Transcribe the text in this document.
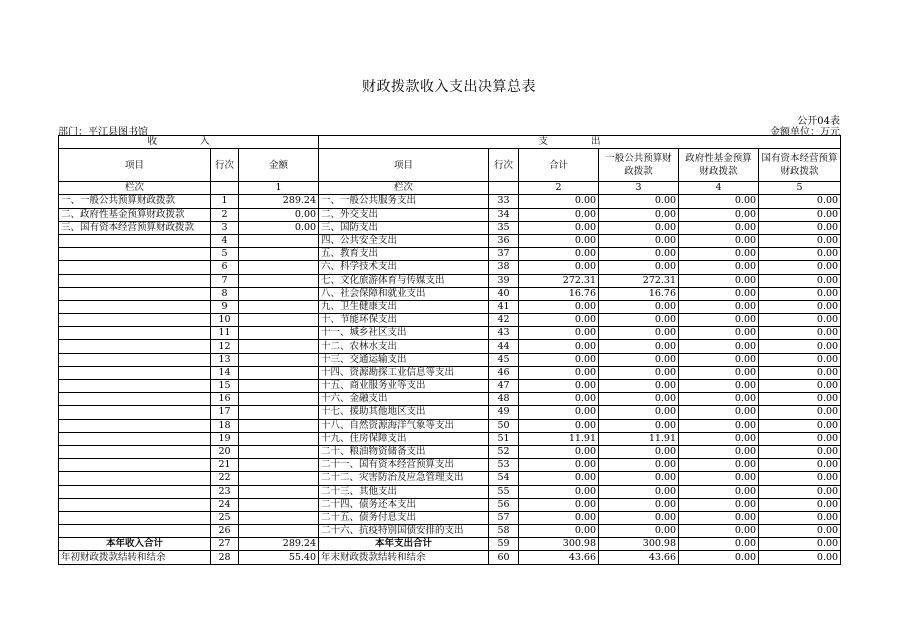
财政拨款收入支出决算总表
公开04表
部门：平江县图书馆	金额单位：万元
收 入			支 出					
项目	行次	金额	项目	行次	合计	一般公共预算财政拨款	政府性基金预算财政拨款	国有资本经营预算财政拨款
栏次		1	栏次		2	3	4	5
一、一般公共预算财政拨款	1	289.24	一、一般公共服务支出	33	0.00	0.00	0.00	0.00
二、政府性基金预算财政拨款	2	0.00	二、外交支出	34	0.00	0.00	0.00	0.00
三、国有资本经营预算财政拨款	3	0.00	三、国防支出	35	0.00	0.00	0.00	0.00
	4		四、公共安全支出	36	0.00	0.00	0.00	0.00
	5		五、教育支出	37	0.00	0.00	0.00	0.00
	6		六、科学技术支出	38	0.00	0.00	0.00	0.00
	7		七、文化旅游体育与传媒支出	39	272.31	272.31	0.00	0.00
	8		八、社会保障和就业支出	40	16.76	16.76	0.00	0.00
	9		九、卫生健康支出	41	0.00	0.00	0.00	0.00
	10		十、节能环保支出	42	0.00	0.00	0.00	0.00
	11		十一、城乡社区支出	43	0.00	0.00	0.00	0.00
	12		十二、农林水支出	44	0.00	0.00	0.00	0.00
	13		十三、交通运输支出	45	0.00	0.00	0.00	0.00
	14		十四、资源勘探工业信息等支出	46	0.00	0.00	0.00	0.00
	15		十五、商业服务业等支出	47	0.00	0.00	0.00	0.00
	16		十六、金融支出	48	0.00	0.00	0.00	0.00
	17		十七、援助其他地区支出	49	0.00	0.00	0.00	0.00
	18		十八、自然资源海洋气象等支出	50	0.00	0.00	0.00	0.00
	19		十九、住房保障支出	51	11.91	11.91	0.00	0.00
	20		二十、粮油物资储备支出	52	0.00	0.00	0.00	0.00
	21		二十一、国有资本经营预算支出	53	0.00	0.00	0.00	0.00
	22		二十二、灾害防治及应急管理支出	54	0.00	0.00	0.00	0.00
	23		二十三、其他支出	55	0.00	0.00	0.00	0.00
	24		二十四、债务还本支出	56	0.00	0.00	0.00	0.00
	25		二十五、债务付息支出	57	0.00	0.00	0.00	0.00
	26		二十六、抗疫特别国债安排的支出	58	0.00	0.00	0.00	0.00
本年收入合计	27	289.24	本年支出合计	59	300.98	300.98	0.00	0.00
年初财政拨款结转和结余	28	55.40	年末财政拨款结转和结余	60	43.66	43.66	0.00	0.00
